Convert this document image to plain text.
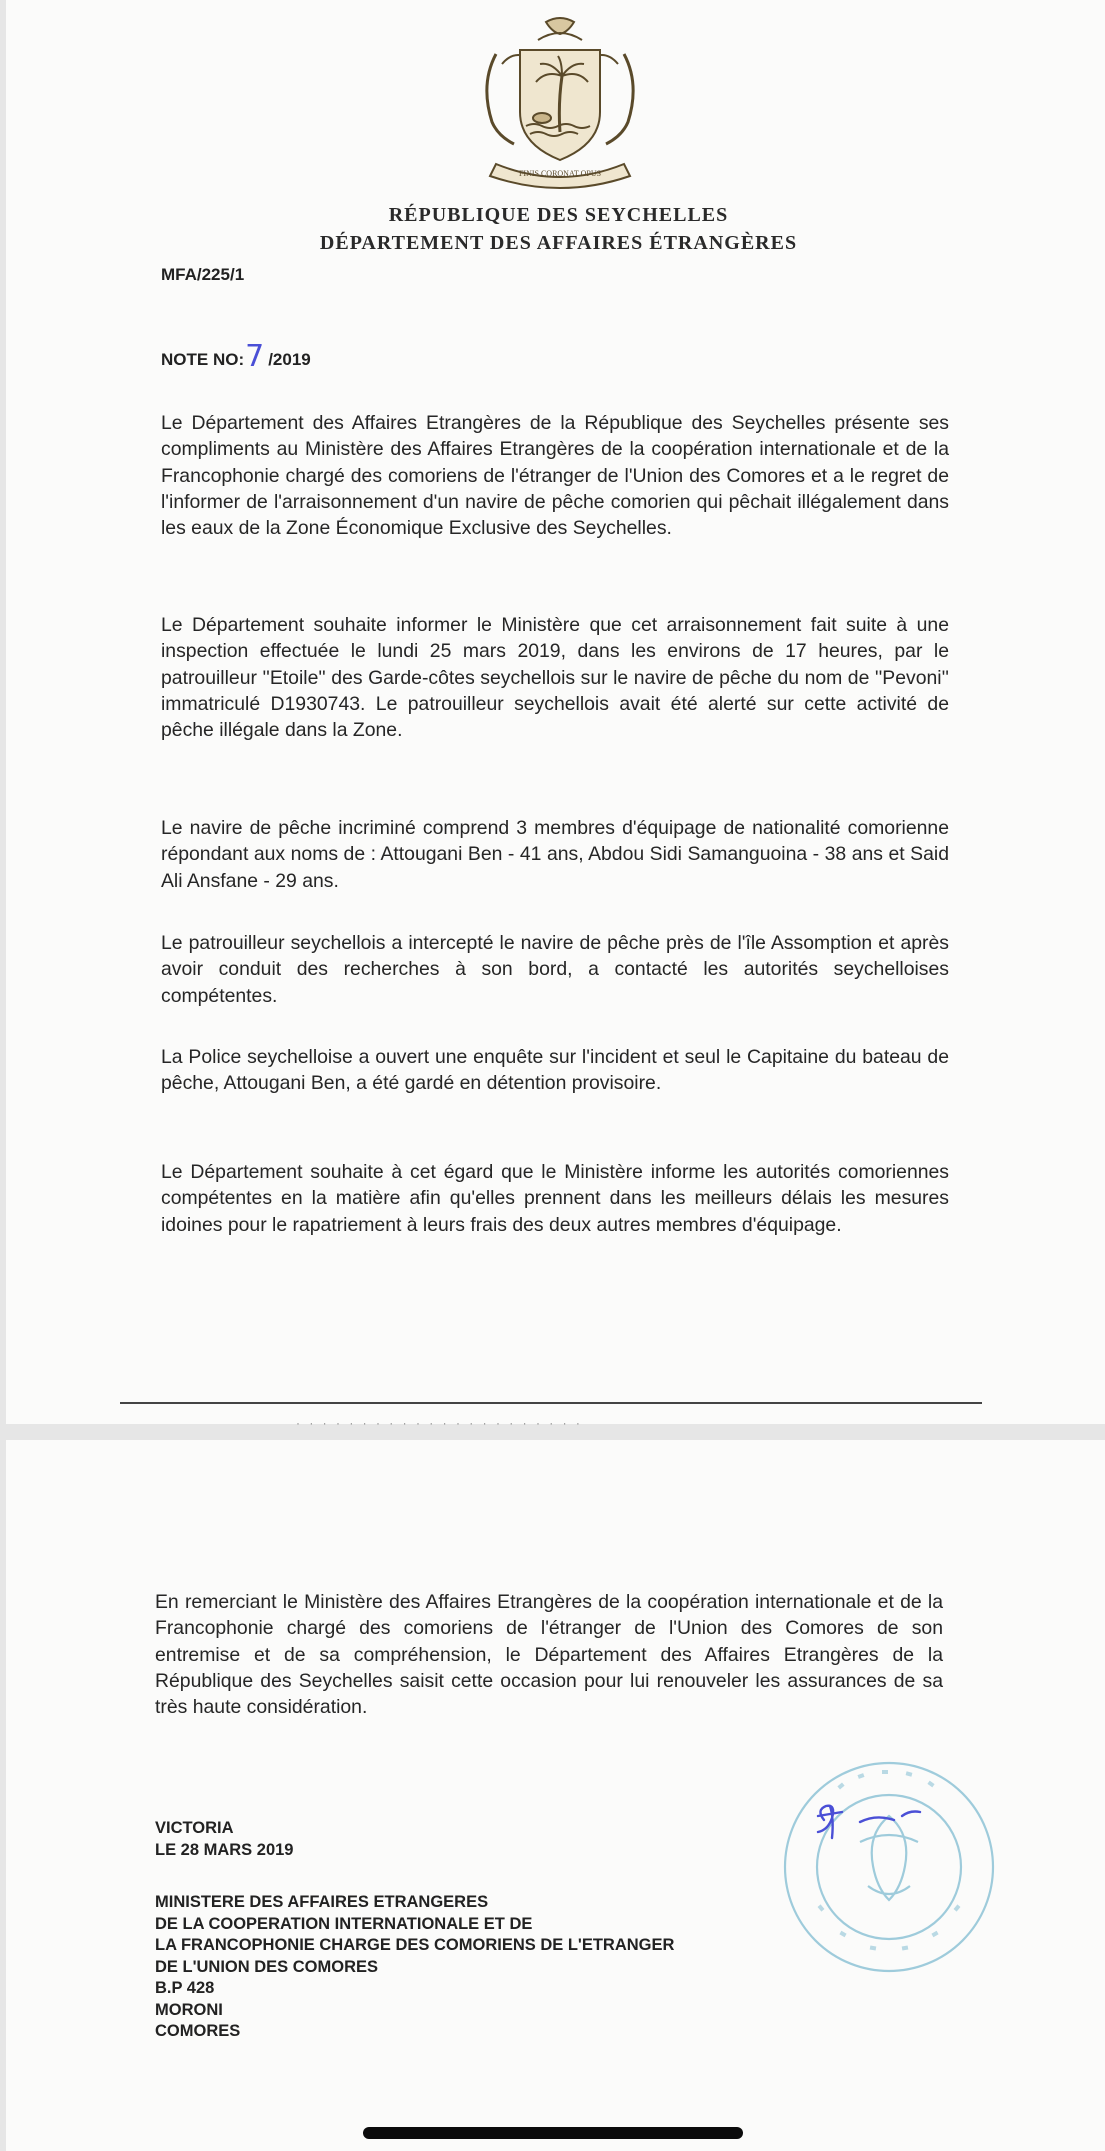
FINIS CORONAT OPUS
RÉPUBLIQUE DES SEYCHELLES
DÉPARTEMENT DES AFFAIRES ÉTRANGÈRES
MFA/225/1
NOTE NO:7 /2019

Le Département des Affaires Etrangères de la République des Seychelles présente ses compliments au Ministère des Affaires Etrangères de la coopération internationale et de la Francophonie chargé des comoriens de l'étranger de l'Union des Comores et a le regret de l'informer de l'arraisonnement d'un navire de pêche comorien qui pêchait illégalement dans les eaux de la Zone Économique Exclusive des Seychelles.

Le Département souhaite informer le Ministère que cet arraisonnement fait suite à une inspection effectuée le lundi 25 mars 2019, dans les environs de 17 heures, par le patrouilleur ''Etoile'' des Garde-côtes seychellois sur le navire de pêche du nom de ''Pevoni'' immatriculé D1930743. Le patrouilleur seychellois avait été alerté sur cette activité de pêche illégale dans la Zone.

Le navire de pêche incriminé comprend 3 membres d'équipage de nationalité comorienne répondant aux noms de : Attougani Ben - 41 ans, Abdou Sidi Samanguoina - 38 ans et Said Ali Ansfane - 29 ans.

Le patrouilleur seychellois a intercepté le navire de pêche près de l'île Assomption et après avoir conduit des recherches à son bord, a contacté les autorités seychelloises compétentes.

La Police seychelloise a ouvert une enquête sur l'incident et seul le Capitaine du bateau de pêche, Attougani Ben, a été gardé en détention provisoire.

Le Département souhaite à cet égard que le Ministère informe les autorités comoriennes compétentes en la matière afin qu'elles prennent dans les meilleurs délais les mesures idoines pour le rapatriement à leurs frais des deux autres membres d'équipage.

· · · · · · · · · · · · · · · · · · · · · ·

En remerciant le Ministère des Affaires Etrangères de la coopération internationale et de la Francophonie chargé des comoriens de l'étranger de l'Union des Comores de son entremise et de sa compréhension, le Département des Affaires Etrangères de la République des Seychelles saisit cette occasion pour lui renouveler les assurances de sa très haute considération.

VICTORIA
LE 28 MARS 2019
MINISTERE DES AFFAIRES ETRANGERES
DE LA COOPERATION INTERNATIONALE ET DE
LA FRANCOPHONIE CHARGE DES COMORIENS DE L'ETRANGER
DE L'UNION DES COMORES
B.P 428
MORONI
COMORES
